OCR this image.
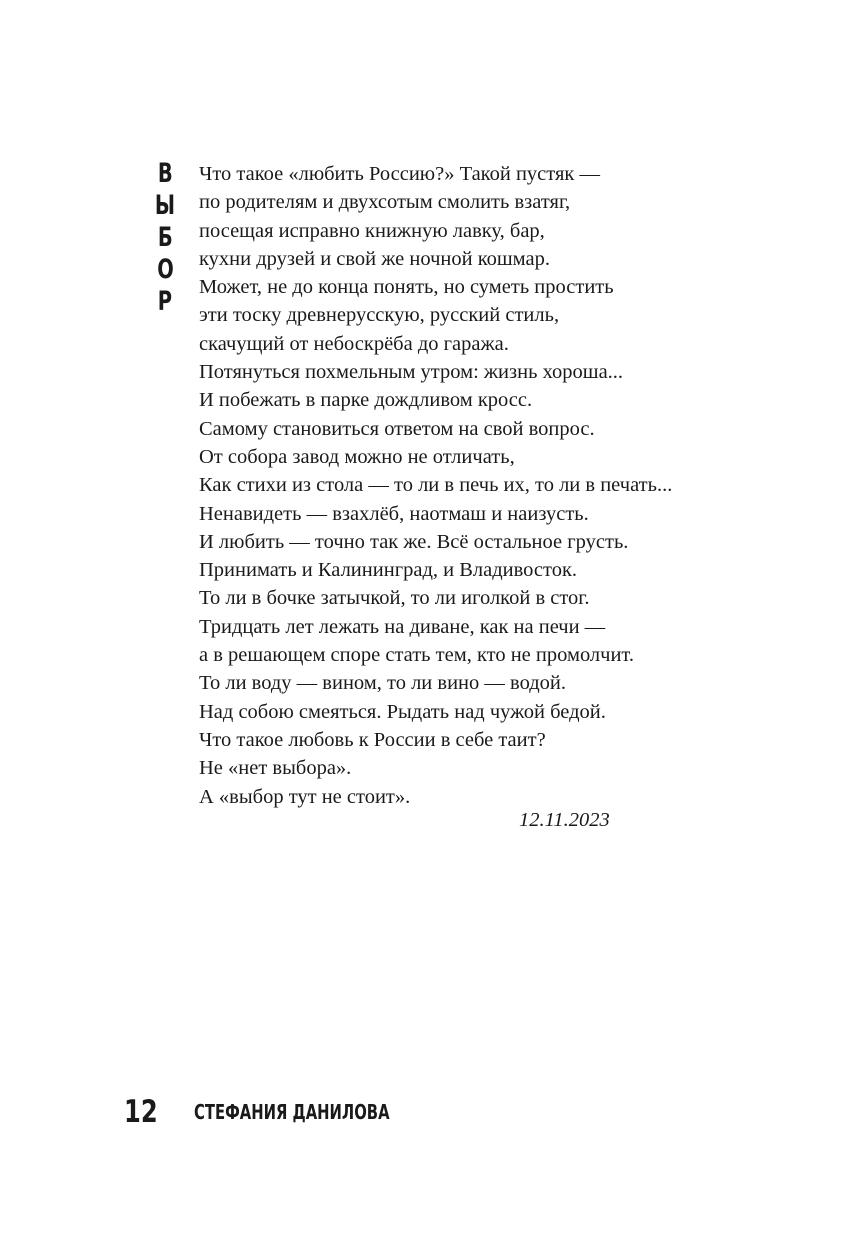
В
Ы
Б
О
Р
Что такое «любить Россию?» Такой пустяк —
по родителям и двухсотым смолить взатяг,
посещая исправно книжную лавку, бар,
кухни друзей и свой же ночной кошмар.
Может, не до конца понять, но суметь простить
эти тоску древнерусскую, русский стиль,
скачущий от небоскрёба до гаража.
Потянуться похмельным утром: жизнь хороша...
И побежать в парке дождливом кросс.
Самому становиться ответом на свой вопрос.
От собора завод можно не отличать,
Как стихи из стола — то ли в печь их, то ли в печать...
Ненавидеть — взахлёб, наотмаш и наизусть.
И любить — точно так же. Всё остальное грусть.
Принимать и Калининград, и Владивосток.
То ли в бочке затычкой, то ли иголкой в стог.
Тридцать лет лежать на диване, как на печи —
а в решающем споре стать тем, кто не промолчит.
То ли воду — вином, то ли вино — водой.
Над собою смеяться. Рыдать над чужой бедой.
Что такое любовь к России в себе таит?
Не «нет выбора».
А «выбор тут не стоит».
12.11.2023
12 СТЕФАНИЯ ДАНИЛОВА
